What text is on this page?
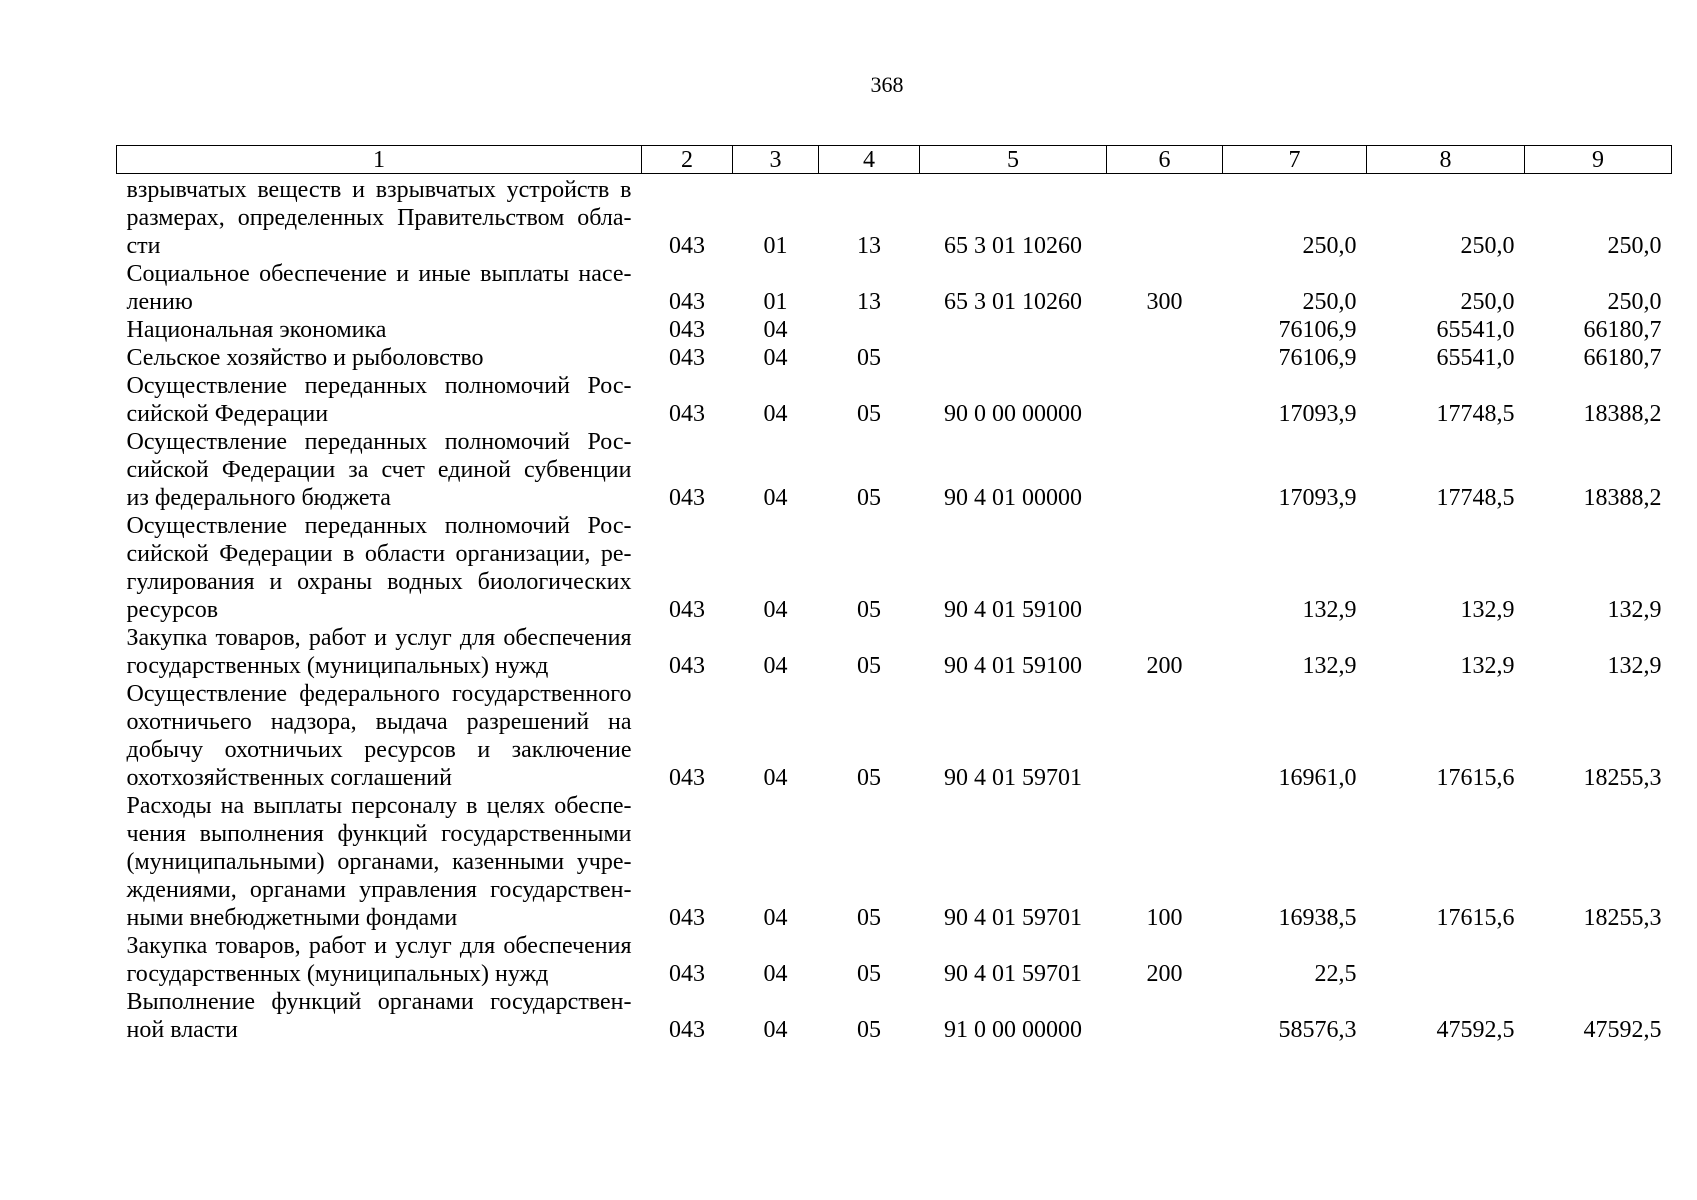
368
1	2	3	4	5	6	7	8	9

взрывчатых веществ и взрывчатых устройств в
размерах, определенных Правительством обла-
сти	043	01	13	65 3 01 10260		250,0	250,0	250,0

Социальное обеспечение и иные выплаты насе-
лению	043	01	13	65 3 01 10260	300	250,0	250,0	250,0

Национальная экономика	043	04				76106,9	65541,0	66180,7

Сельское хозяйство и рыболовство	043	04	05			76106,9	65541,0	66180,7

Осуществление переданных полномочий Рос-
сийской Федерации	043	04	05	90 0 00 00000		17093,9	17748,5	18388,2

Осуществление переданных полномочий Рос-
сийской Федерации за счет единой субвенции
из федерального бюджета	043	04	05	90 4 01 00000		17093,9	17748,5	18388,2

Осуществление переданных полномочий Рос-
сийской Федерации в области организации, ре-
гулирования и охраны водных биологических
ресурсов	043	04	05	90 4 01 59100		132,9	132,9	132,9

Закупка товаров, работ и услуг для обеспечения
государственных (муниципальных) нужд	043	04	05	90 4 01 59100	200	132,9	132,9	132,9

Осуществление федерального государственного
охотничьего надзора, выдача разрешений на
добычу охотничьих ресурсов и заключение
охотхозяйственных соглашений	043	04	05	90 4 01 59701		16961,0	17615,6	18255,3

Расходы на выплаты персоналу в целях обеспе-
чения выполнения функций государственными
(муниципальными) органами, казенными учре-
ждениями, органами управления государствен-
ными внебюджетными фондами	043	04	05	90 4 01 59701	100	16938,5	17615,6	18255,3

Закупка товаров, работ и услуг для обеспечения
государственных (муниципальных) нужд	043	04	05	90 4 01 59701	200	22,5		

Выполнение функций органами государствен-
ной власти	043	04	05	91 0 00 00000		58576,3	47592,5	47592,5
